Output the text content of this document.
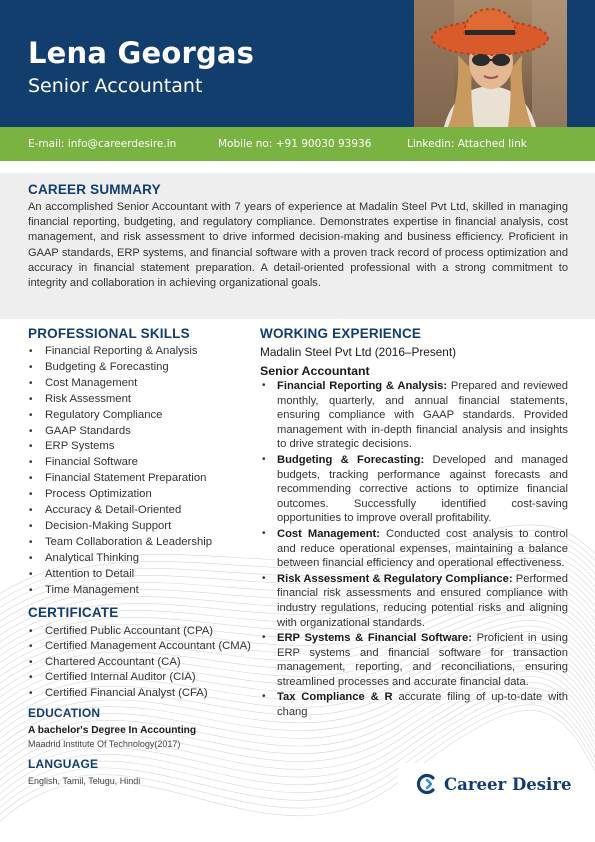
Lena Georgas
Senior Accountant
E-mail: info@careerdesire.in	Mobile no: +91 90030 93936	Linkedin: Attached link
CAREER SUMMARY
An accomplished Senior Accountant with 7 years of experience at Madalin Steel Pvt Ltd, skilled in managing financial reporting, budgeting, and regulatory compliance. Demonstrates expertise in financial analysis, cost management, and risk assessment to drive informed decision-making and business efficiency. Proficient in GAAP standards, ERP systems, and financial software with a proven track record of process optimization and accuracy in financial statement preparation. A detail-oriented professional with a strong commitment to integrity and collaboration in achieving organizational goals.
PROFESSIONAL SKILLS
• Financial Reporting & Analysis
• Budgeting & Forecasting
• Cost Management
• Risk Assessment
• Regulatory Compliance
• GAAP Standards
• ERP Systems
• Financial Software
• Financial Statement Preparation
• Process Optimization
• Accuracy & Detail-Oriented
• Decision-Making Support
• Team Collaboration & Leadership
• Analytical Thinking
• Attention to Detail
• Time Management
CERTIFICATE
• Certified Public Accountant (CPA)
• Certified Management Accountant (CMA)
• Chartered Accountant (CA)
• Certified Internal Auditor (CIA)
• Certified Financial Analyst (CFA)
EDUCATION
A bachelor's Degree In Accounting
Maadrid Institute Of Technology(2017)
LANGUAGE
English, Tamil, Telugu, Hindi
WORKING EXPERIENCE
Madalin Steel Pvt Ltd (2016–Present)
Senior Accountant
• Financial Reporting & Analysis: Prepared and reviewed monthly, quarterly, and annual financial statements, ensuring compliance with GAAP standards. Provided management with in-depth financial analysis and insights to drive strategic decisions.
• Budgeting & Forecasting: Developed and managed budgets, tracking performance against forecasts and recommending corrective actions to optimize financial outcomes. Successfully identified cost-saving opportunities to improve overall profitability.
• Cost Management: Conducted cost analysis to control and reduce operational expenses, maintaining a balance between financial efficiency and operational effectiveness.
• Risk Assessment & Regulatory Compliance: Performed financial risk assessments and ensured compliance with industry regulations, reducing potential risks and aligning with organizational standards.
• ERP Systems & Financial Software: Proficient in using ERP systems and financial software for transaction management, reporting, and reconciliations, ensuring streamlined processes and accurate financial data.
• Tax Compliance & R accurate filing of up-to-date with chang
Career Desire
